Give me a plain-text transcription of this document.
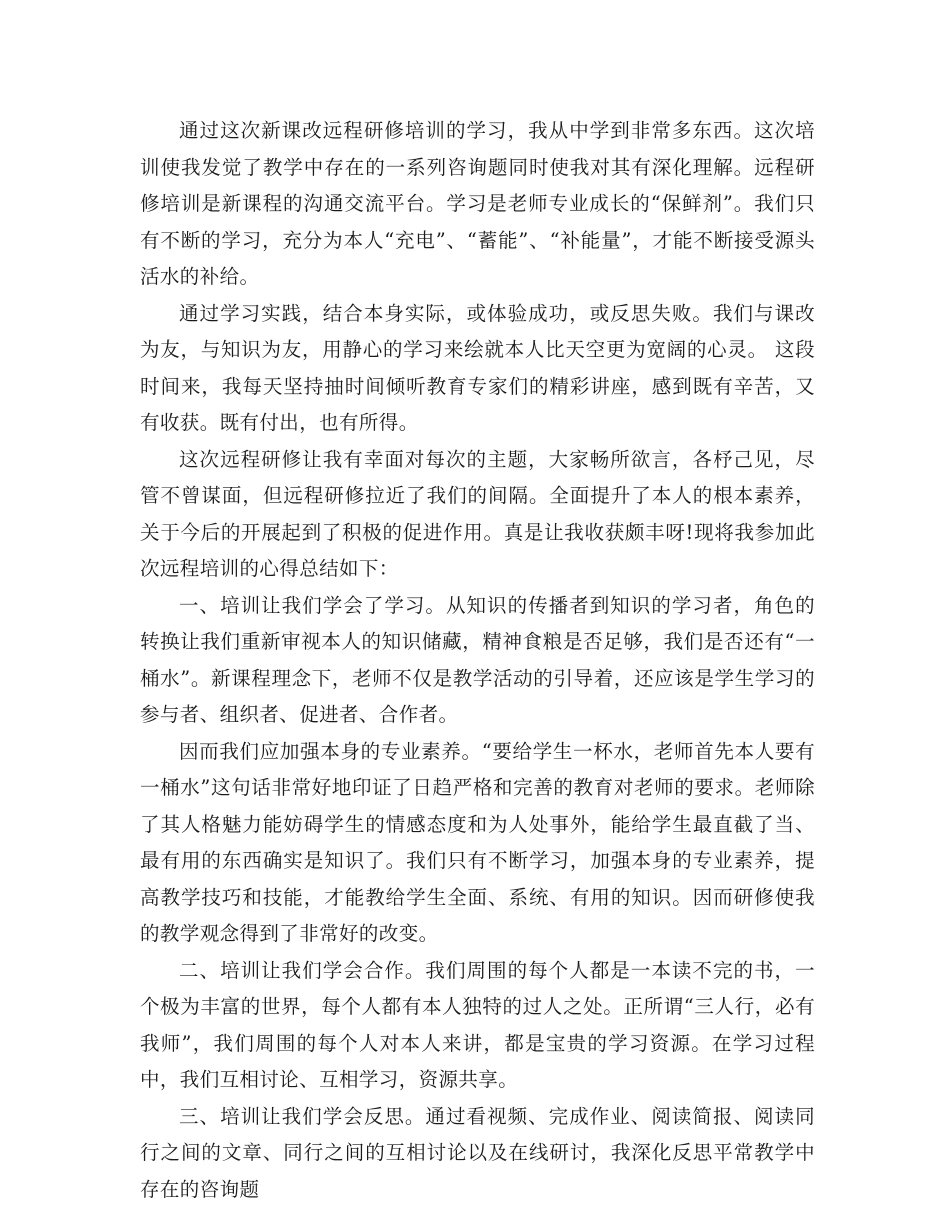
通过这次新课改远程研修培训的学习，我从中学到非常多东西。这次培训使我发觉了教学中存在的一系列咨询题同时使我对其有深化理解。远程研修培训是新课程的沟通交流平台。学习是老师专业成长的“保鲜剂”。我们只有不断的学习，充分为本人“充电”、“蓄能”、“补能量”，才能不断接受源头活水的补给。

通过学习实践，结合本身实际，或体验成功，或反思失败。我们与课改为友，与知识为友，用静心的学习来绘就本人比天空更为宽阔的心灵。 这段时间来，我每天坚持抽时间倾听教育专家们的精彩讲座，感到既有辛苦，又有收获。既有付出，也有所得。

这次远程研修让我有幸面对每次的主题，大家畅所欲言，各杼己见，尽管不曾谋面，但远程研修拉近了我们的间隔。全面提升了本人的根本素养，关于今后的开展起到了积极的促进作用。真是让我收获颇丰呀!现将我参加此次远程培训的心得总结如下：

一、培训让我们学会了学习。从知识的传播者到知识的学习者，角色的转换让我们重新审视本人的知识储藏，精神食粮是否足够，我们是否还有“一桶水”。新课程理念下，老师不仅是教学活动的引导着，还应该是学生学习的参与者、组织者、促进者、合作者。

因而我们应加强本身的专业素养。“要给学生一杯水，老师首先本人要有一桶水”这句话非常好地印证了日趋严格和完善的教育对老师的要求。老师除了其人格魅力能妨碍学生的情感态度和为人处事外，能给学生最直截了当、最有用的东西确实是知识了。我们只有不断学习，加强本身的专业素养，提高教学技巧和技能，才能教给学生全面、系统、有用的知识。因而研修使我的教学观念得到了非常好的改变。

二、培训让我们学会合作。我们周围的每个人都是一本读不完的书，一个极为丰富的世界，每个人都有本人独特的过人之处。正所谓“三人行，必有我师”，我们周围的每个人对本人来讲，都是宝贵的学习资源。在学习过程中，我们互相讨论、互相学习，资源共享。

三、培训让我们学会反思。通过看视频、完成作业、阅读简报、阅读同行之间的文章、同行之间的互相讨论以及在线研讨，我深化反思平常教学中存在的咨询题
